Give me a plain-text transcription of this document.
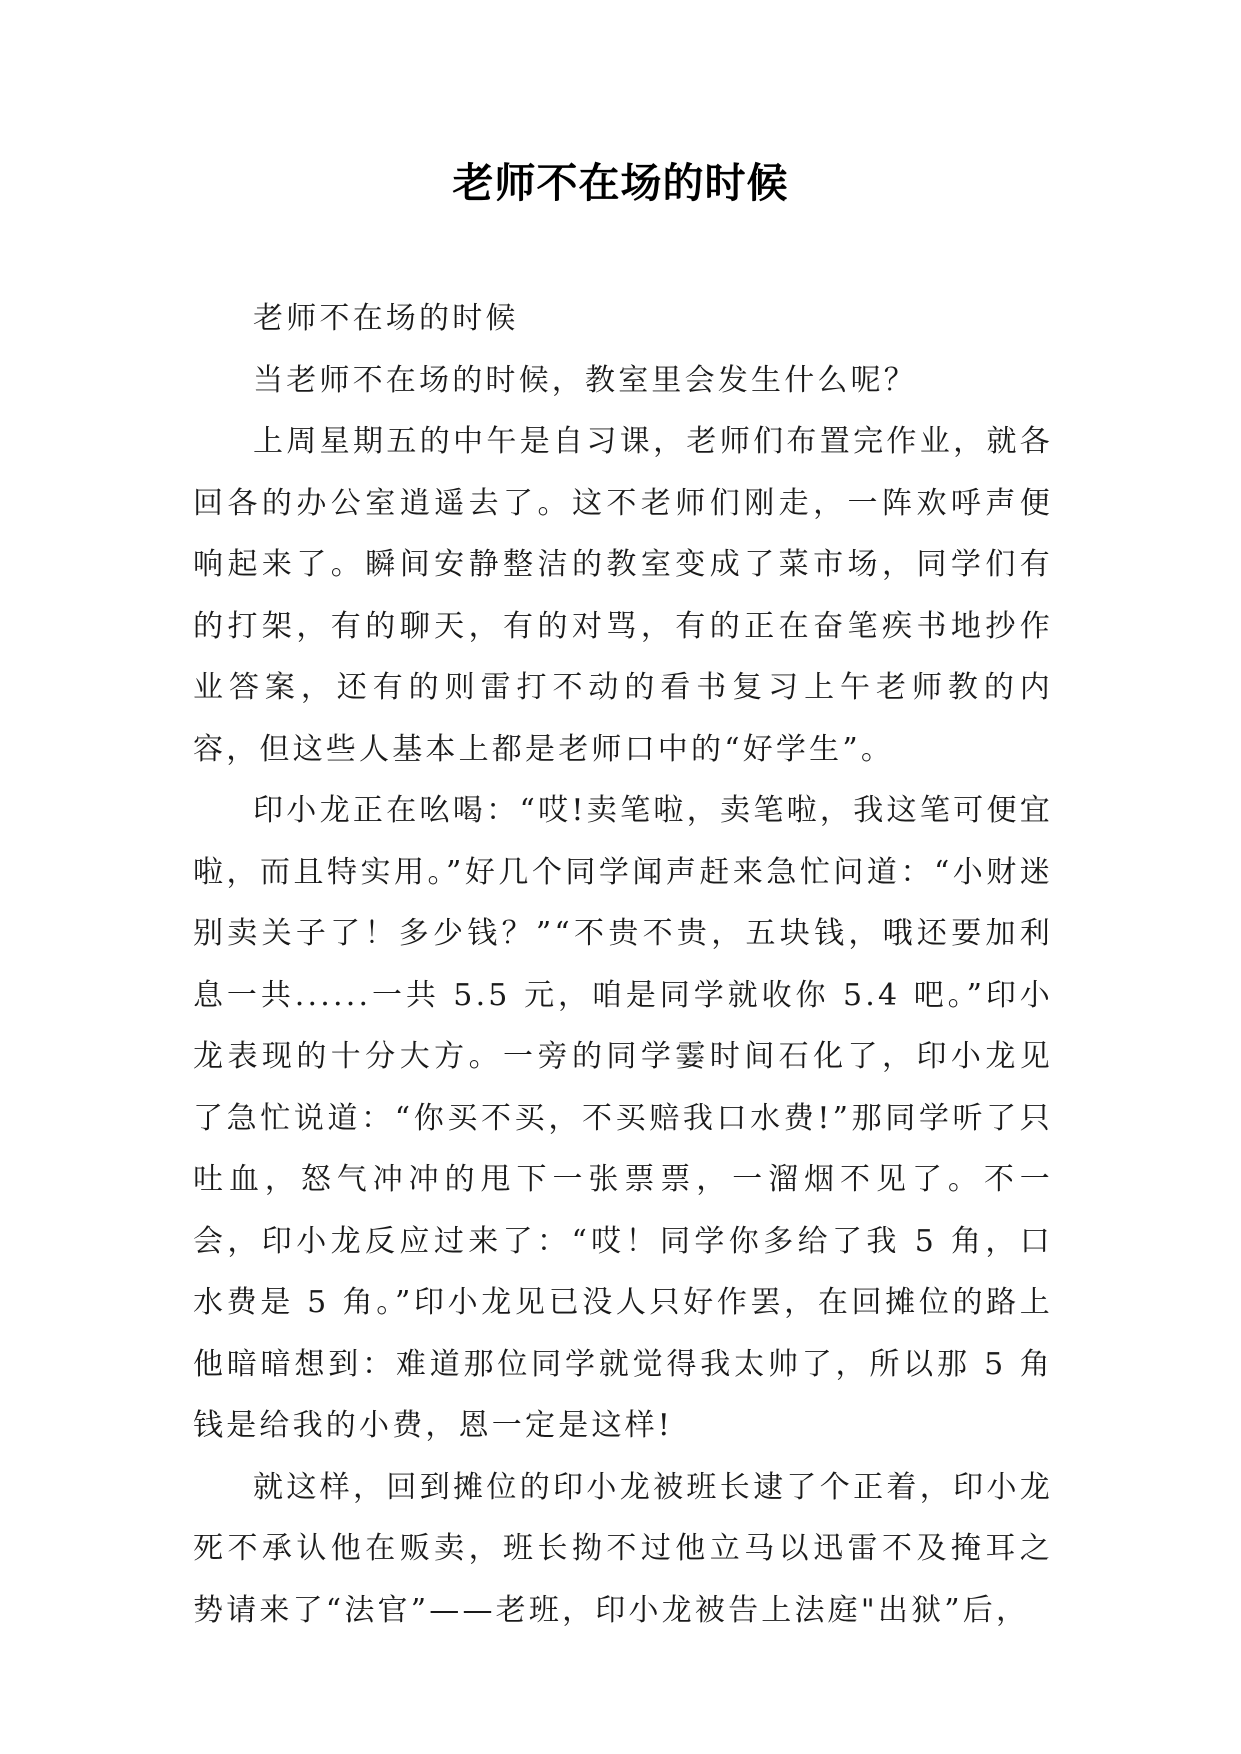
老师不在场的时候

老师不在场的时候

当老师不在场的时候，教室里会发生什么呢？

上周星期五的中午是自习课，老师们布置完作业，就各回各的办公室逍遥去了。这不老师们刚走，一阵欢呼声便响起来了。瞬间安静整洁的教室变成了菜市场，同学们有的打架，有的聊天，有的对骂，有的正在奋笔疾书地抄作业答案，还有的则雷打不动的看书复习上午老师教的内容，但这些人基本上都是老师口中的“好学生”。

印小龙正在吆喝：“哎!卖笔啦，卖笔啦，我这笔可便宜啦，而且特实用。”好几个同学闻声赶来急忙问道：“小财迷别卖关子了！多少钱？”“不贵不贵，五块钱，哦还要加利息一共......一共 5.5 元，咱是同学就收你 5.4 吧。”印小龙表现的十分大方。一旁的同学霎时间石化了，印小龙见了急忙说道：“你买不买，不买赔我口水费!”那同学听了只吐血，怒气冲冲的甩下一张票票，一溜烟不见了。不一会，印小龙反应过来了：“哎！同学你多给了我 5 角，口水费是 5 角。”印小龙见已没人只好作罢，在回摊位的路上他暗暗想到：难道那位同学就觉得我太帅了，所以那 5 角钱是给我的小费，恩一定是这样!

就这样，回到摊位的印小龙被班长逮了个正着，印小龙死不承认他在贩卖，班长拗不过他立马以迅雷不及掩耳之势请来了“法官”——老班，印小龙被告上法庭"出狱”后，
